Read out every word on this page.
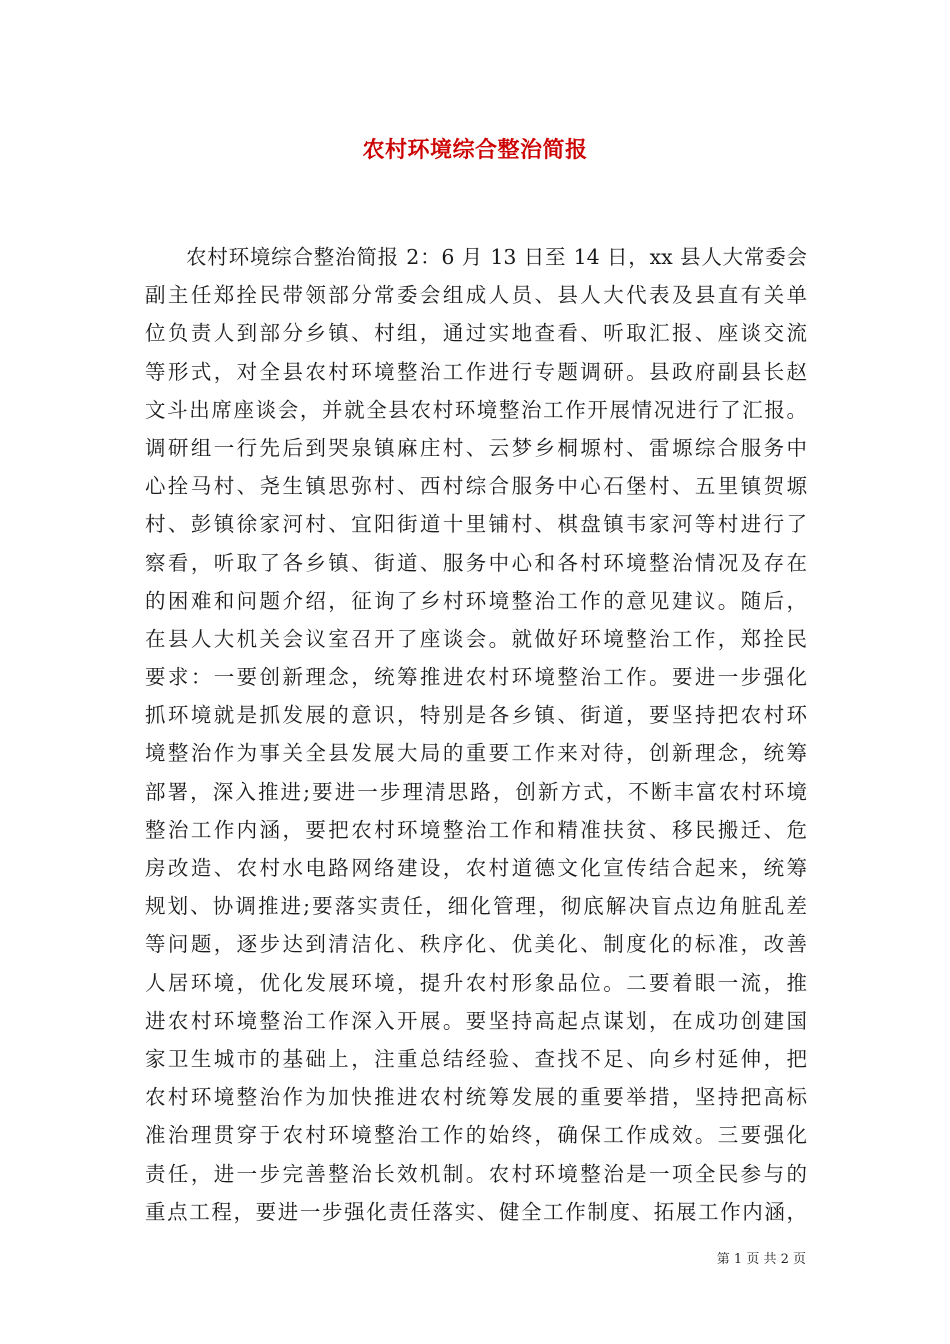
农村环境综合整治简报
农村环境综合整治简报 2：6 月 13 日至 14 日，xx 县人大常委会
副主任郑拴民带领部分常委会组成人员、县人大代表及县直有关单
位负责人到部分乡镇、村组，通过实地查看、听取汇报、座谈交流
等形式，对全县农村环境整治工作进行专题调研。县政府副县长赵
文斗出席座谈会，并就全县农村环境整治工作开展情况进行了汇报。
调研组一行先后到哭泉镇麻庄村、云梦乡桐塬村、雷塬综合服务中
心拴马村、尧生镇思弥村、西村综合服务中心石堡村、五里镇贺塬
村、彭镇徐家河村、宜阳街道十里铺村、棋盘镇韦家河等村进行了
察看，听取了各乡镇、街道、服务中心和各村环境整治情况及存在
的困难和问题介绍，征询了乡村环境整治工作的意见建议。随后，
在县人大机关会议室召开了座谈会。就做好环境整治工作，郑拴民
要求：一要创新理念，统筹推进农村环境整治工作。要进一步强化
抓环境就是抓发展的意识，特别是各乡镇、街道，要坚持把农村环
境整治作为事关全县发展大局的重要工作来对待，创新理念，统筹
部署，深入推进;要进一步理清思路，创新方式，不断丰富农村环境
整治工作内涵，要把农村环境整治工作和精准扶贫、移民搬迁、危
房改造、农村水电路网络建设，农村道德文化宣传结合起来，统筹
规划、协调推进;要落实责任，细化管理，彻底解决盲点边角脏乱差
等问题，逐步达到清洁化、秩序化、优美化、制度化的标准，改善
人居环境，优化发展环境，提升农村形象品位。二要着眼一流，推
进农村环境整治工作深入开展。要坚持高起点谋划，在成功创建国
家卫生城市的基础上，注重总结经验、查找不足、向乡村延伸，把
农村环境整治作为加快推进农村统筹发展的重要举措，坚持把高标
准治理贯穿于农村环境整治工作的始终，确保工作成效。三要强化
责任，进一步完善整治长效机制。农村环境整治是一项全民参与的
重点工程，要进一步强化责任落实、健全工作制度、拓展工作内涵，
第 1 页 共 2 页
